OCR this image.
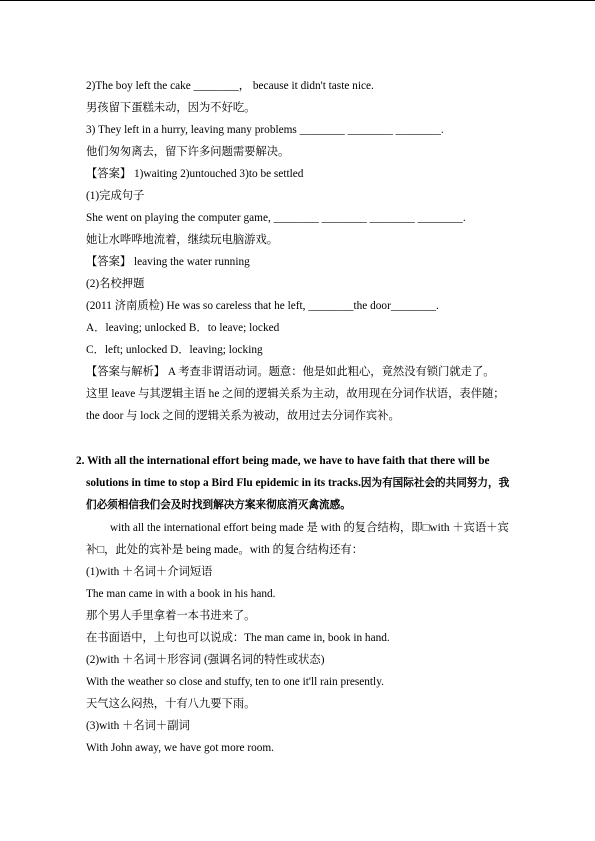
2)The boy left the cake ________， because it didn't taste nice.
男孩留下蛋糕未动，因为不好吃。
3) They left in a hurry, leaving many problems ________ ________ ________.
他们匆匆离去，留下许多问题需要解决。
【答案】 1)waiting 2)untouched 3)to be settled
(1)完成句子
She went on playing the computer game, ________ ________ ________ ________.
她让水哗哗地流着，继续玩电脑游戏。
【答案】 leaving the water running
(2)名校押题
(2011 济南质检) He was so careless that he left, ________the door________.
A．leaving; unlocked B．to leave; locked
C．left; unlocked D．leaving; locking
【答案与解析】 A 考查非谓语动词。题意：他是如此粗心，竟然没有锁门就走了。
这里 leave 与其逻辑主语 he 之间的逻辑关系为主动，故用现在分词作状语，表伴随；
the door 与 lock 之间的逻辑关系为被动，故用过去分词作宾补。
2. With all the international effort being made, we have to have faith that there will be
solutions in time to stop a Bird Flu epidemic in its tracks.因为有国际社会的共同努力，我
们必须相信我们会及时找到解决方案来彻底消灭禽流感。
with all the international effort being made 是 with 的复合结构，即□with ＋宾语＋宾
补□，此处的宾补是 being made。with 的复合结构还有：
(1)with ＋名词＋介词短语
The man came in with a book in his hand.
那个男人手里拿着一本书进来了。
在书面语中，上句也可以说成：The man came in, book in hand.
(2)with ＋名词＋形容词 (强调名词的特性或状态)
With the weather so close and stuffy, ten to one it'll rain presently.
天气这么闷热，十有八九要下雨。
(3)with ＋名词＋副词
With John away, we have got more room.
